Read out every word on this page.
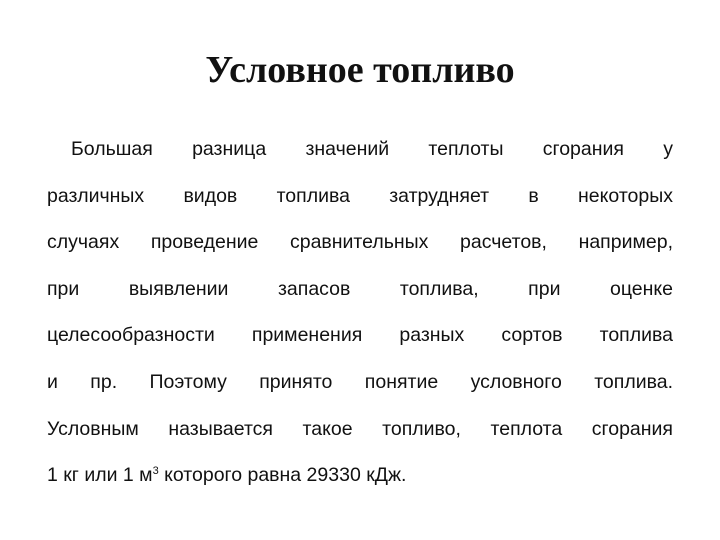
Условное топливо
Большая разница значений теплоты сгорания у
различных видов топлива затрудняет в некоторых
случаях проведение сравнительных расчетов, например,
при выявлении запасов топлива, при оценке
целесообразности применения разных сортов топлива
и пр. Поэтому принято понятие условного топлива.
Условным называется такое топливо, теплота сгорания
1 кг или 1 $м^3$ которого равна 29330 кДж.
